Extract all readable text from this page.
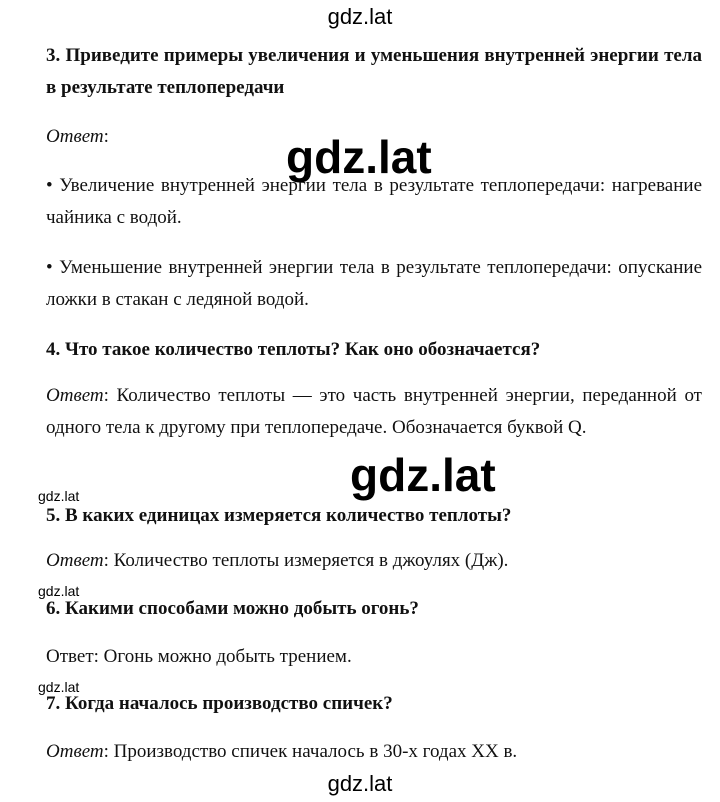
gdz.lat
gdz.lat
gdz.lat
gdz.lat
gdz.lat
gdz.lat
gdz.lat
3. Приведите примеры увеличения и уменьшения внутренней энергии тела в результате теплопередачи
Ответ:
• Увеличение внутренней энергии тела в результате теплопередачи: нагревание чайника с водой.
• Уменьшение внутренней энергии тела в результате теплопередачи: опускание ложки в стакан с ледяной водой.
4. Что такое количество теплоты? Как оно обозначается?
Ответ: Количество теплоты — это часть внутренней энергии, переданной от одного тела к другому при теплопередаче. Обозначается буквой Q.
5. В каких единицах измеряется количество теплоты?
Ответ: Количество теплоты измеряется в джоулях (Дж).
6. Какими способами можно добыть огонь?
Ответ: Огонь можно добыть трением.
7. Когда началось производство спичек?
Ответ: Производство спичек началось в 30-х годах XX в.
